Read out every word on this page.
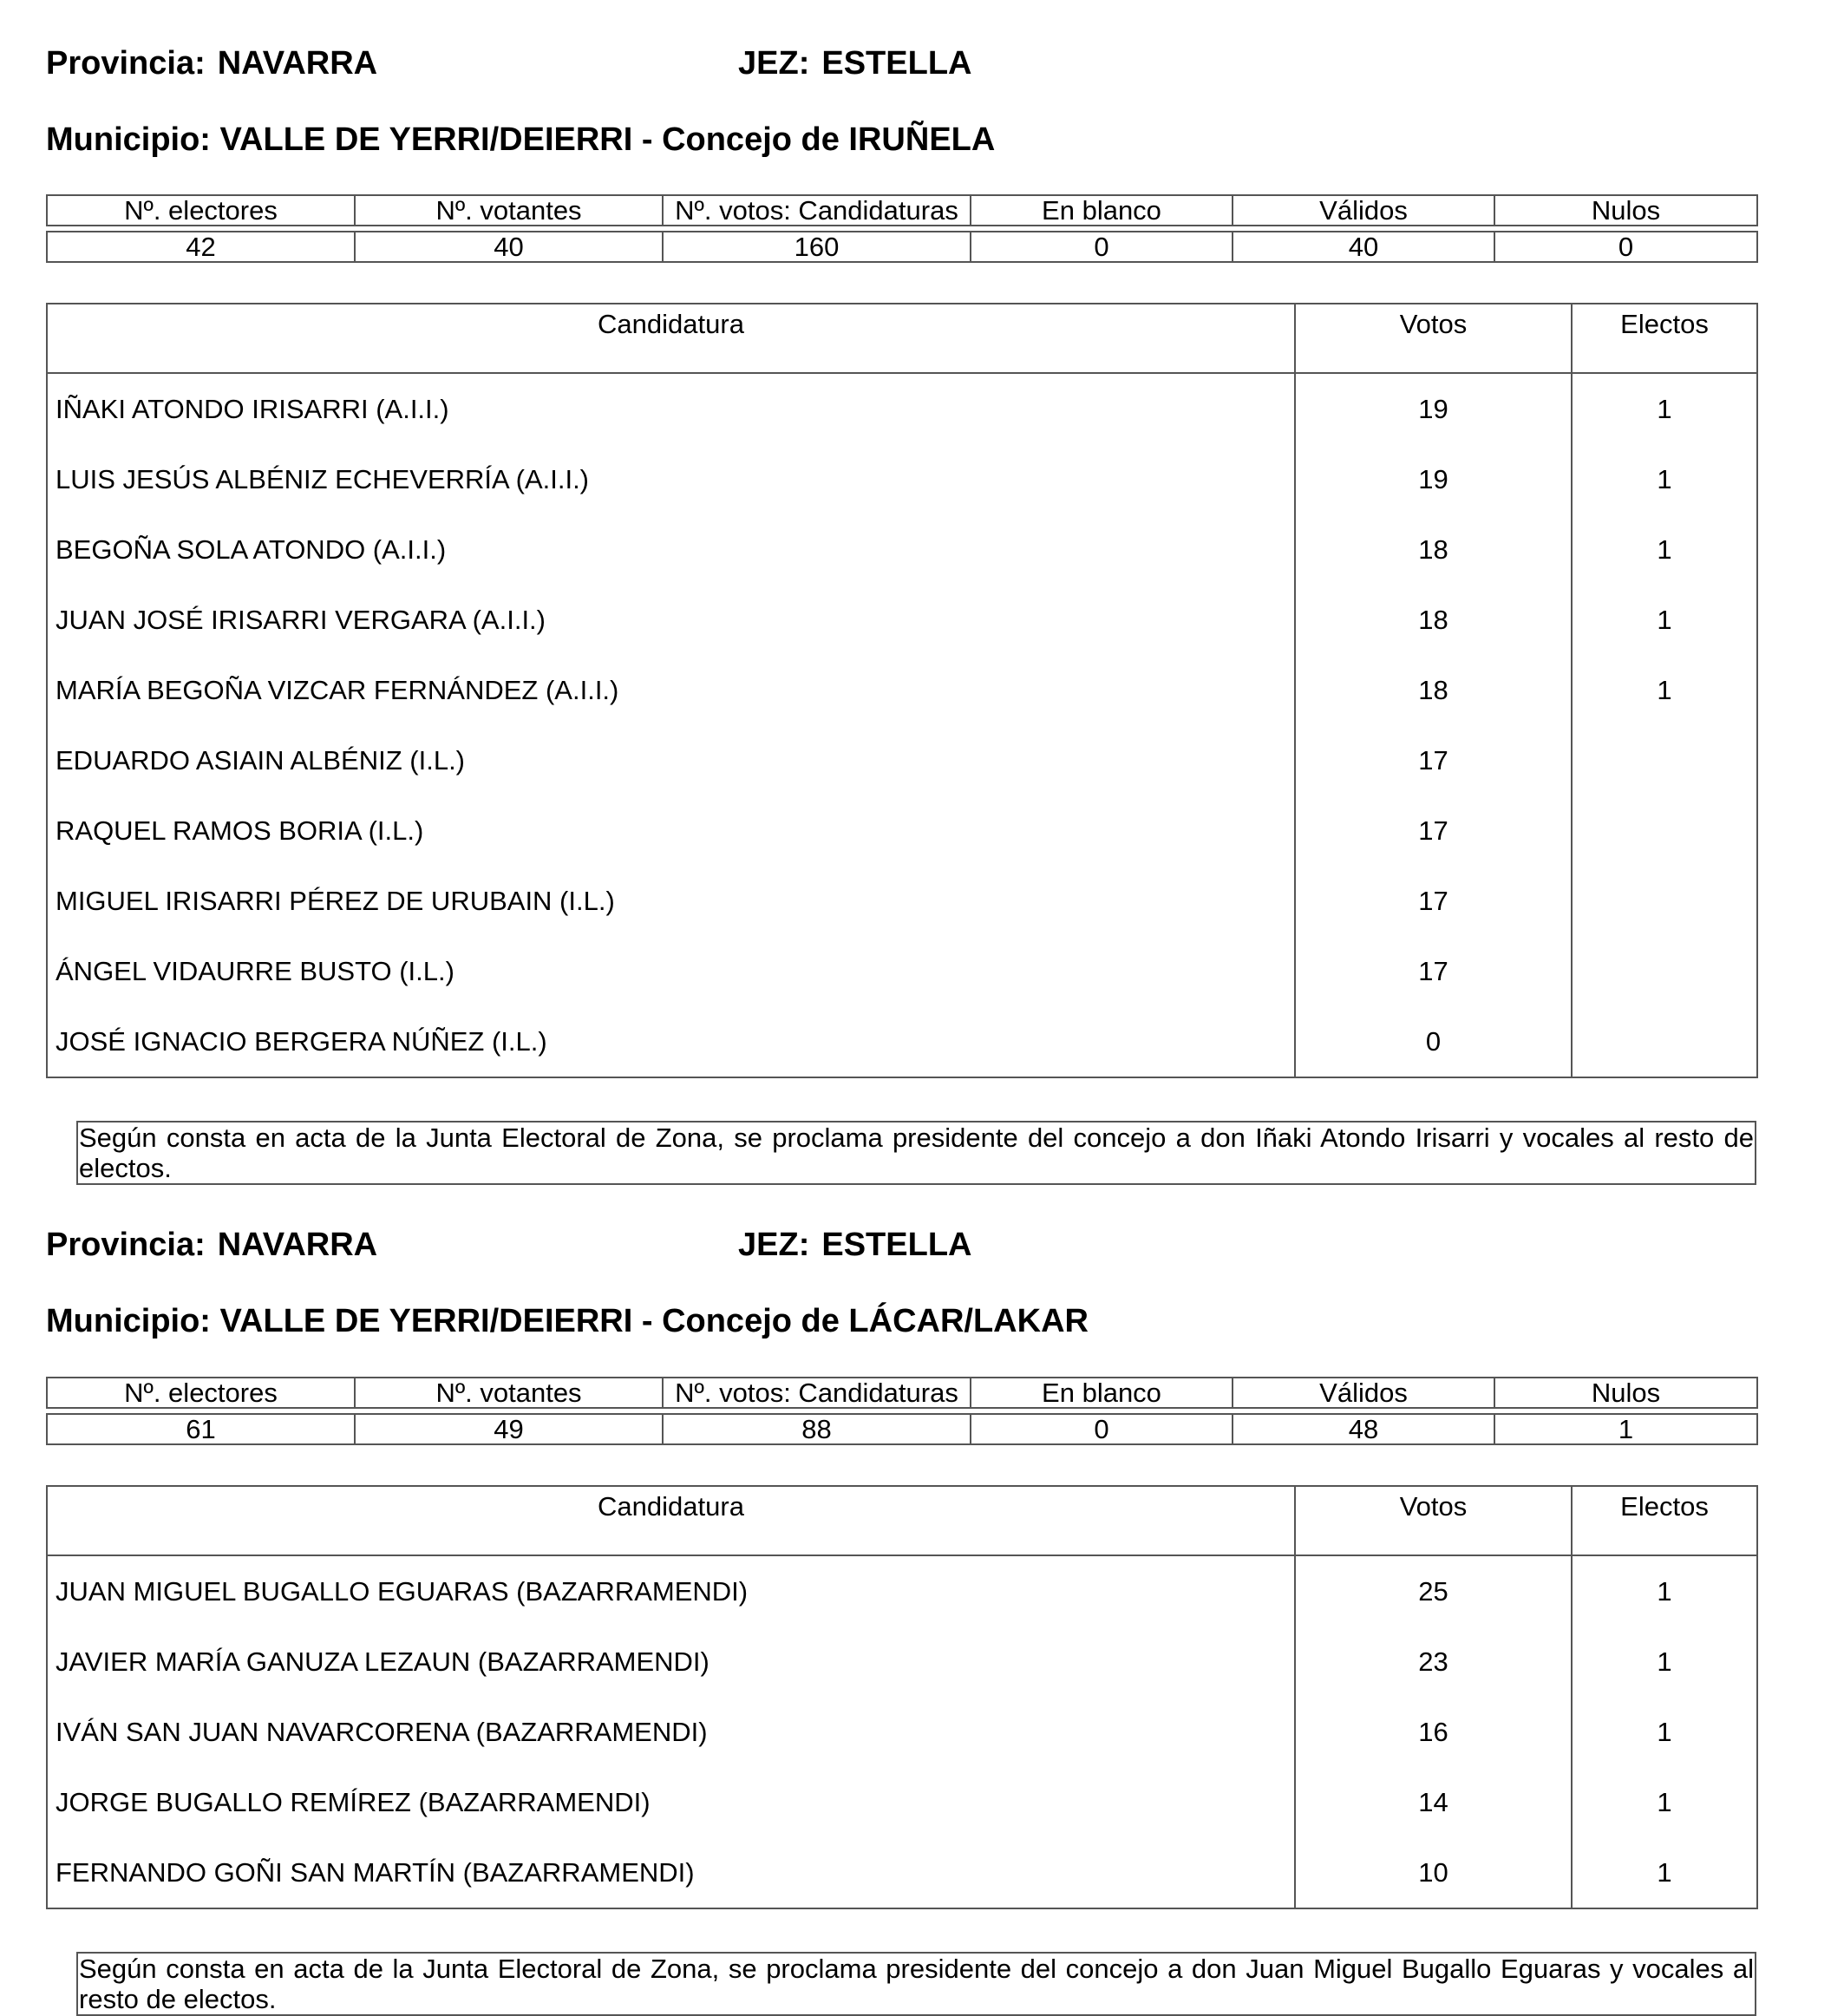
Provincia: NAVARRA	JEZ: ESTELLA
Municipio: VALLE DE YERRI/DEIERRI - Concejo de IRUÑELA
Nº. electores	Nº. votantes	Nº. votos: Candidaturas	En blanco	Válidos	Nulos

42	40	160	0	40	0
Candidatura	Votos	Electos
IÑAKI ATONDO IRISARRI (A.I.I.)	19	1
LUIS JESÚS ALBÉNIZ ECHEVERRÍA (A.I.I.)	19	1
BEGOÑA SOLA ATONDO (A.I.I.)	18	1
JUAN JOSÉ IRISARRI VERGARA (A.I.I.)	18	1
MARÍA BEGOÑA VIZCAR FERNÁNDEZ (A.I.I.)	18	1
EDUARDO ASIAIN ALBÉNIZ (I.L.)	17	
RAQUEL RAMOS BORIA (I.L.)	17	
MIGUEL IRISARRI PÉREZ DE URUBAIN (I.L.)	17	
ÁNGEL VIDAURRE BUSTO (I.L.)	17	
JOSÉ IGNACIO BERGERA NÚÑEZ (I.L.)	0	
Según consta en acta de la Junta Electoral de Zona, se proclama presidente del concejo a don Iñaki Atondo Irisarri y vocales al resto de electos.
Provincia: NAVARRA	JEZ: ESTELLA
Municipio: VALLE DE YERRI/DEIERRI - Concejo de LÁCAR/LAKAR
Nº. electores	Nº. votantes	Nº. votos: Candidaturas	En blanco	Válidos	Nulos

61	49	88	0	48	1
Candidatura	Votos	Electos
JUAN MIGUEL BUGALLO EGUARAS (BAZARRAMENDI)	25	1
JAVIER MARÍA GANUZA LEZAUN (BAZARRAMENDI)	23	1
IVÁN SAN JUAN NAVARCORENA (BAZARRAMENDI)	16	1
JORGE BUGALLO REMÍREZ (BAZARRAMENDI)	14	1
FERNANDO GOÑI SAN MARTÍN (BAZARRAMENDI)	10	1
Según consta en acta de la Junta Electoral de Zona, se proclama presidente del concejo a don Juan Miguel Bugallo Eguaras y vocales al resto de electos.
